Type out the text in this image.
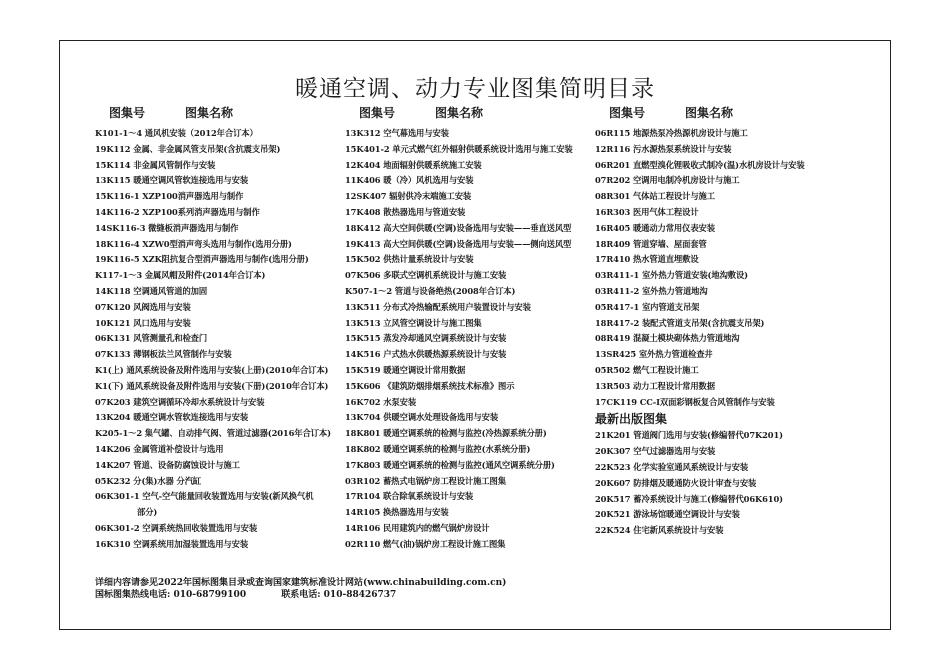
暖通空调、动力专业图集简明目录
图集号	图集名称
K101-1～4 通风机安装（2012年合订本）
19K112 金属、非金属风管支吊架(含抗震支吊架)
15K114 非金属风管制作与安装
13K115 暖通空调风管软连接选用与安装
15K116-1 XZP100消声器选用与制作
14K116-2 XZP100系列消声器选用与制作
14SK116-3 微缝板消声器选用与制作
18K116-4 XZW0型消声弯头选用与制作(选用分册)
19K116-5 XZK阻抗复合型消声器选用与制作(选用分册)
K117-1～3 金属风帽及附件(2014年合订本)
14K118 空调通风管道的加固
07K120 风阀选用与安装
10K121 风口选用与安装
06K131 风管测量孔和检查门
07K133 薄钢板法兰风管制作与安装
K1(上) 通风系统设备及附件选用与安装(上册)(2010年合订本)
K1(下) 通风系统设备及附件选用与安装(下册)(2010年合订本)
07K203 建筑空调循环冷却水系统设计与安装
13K204 暖通空调水管软连接选用与安装
K205-1～2 集气罐、自动排气阀、管道过滤器(2016年合订本)
14K206 金属管道补偿设计与选用
14K207 管道、设备防腐蚀设计与施工
05K232 分(集)水器 分汽缸
06K301-1 空气-空气能量回收装置选用与安装(新风换气机
部分)
06K301-2 空调系统热回收装置选用与安装
16K310 空调系统用加湿装置选用与安装
图集号	图集名称
13K312 空气幕选用与安装
15K401-2 单元式燃气红外辐射供暖系统设计选用与施工安装
12K404 地面辐射供暖系统施工安装
11K406 暖（冷）风机选用与安装
12SK407 辐射供冷末端施工安装
17K408 散热器选用与管道安装
18K412 高大空间供暖(空调)设备选用与安装——垂直送风型
19K413 高大空间供暖(空调)设备选用与安装——侧向送风型
15K502 供热计量系统设计与安装
07K506 多联式空调机系统设计与施工安装
K507-1～2 管道与设备绝热(2008年合订本)
13K511 分布式冷热输配系统用户装置设计与安装
13K513 立风管空调设计与施工图集
15K515 蒸发冷却通风空调系统设计与安装
14K516 户式热水供暖热源系统设计与安装
15K519 暖通空调设计常用数据
15K606 《建筑防烟排烟系统技术标准》图示
16K702 水泵安装
13K704 供暖空调水处理设备选用与安装
18K801 暖通空调系统的检测与监控(冷热源系统分册)
18K802 暖通空调系统的检测与监控(水系统分册)
17K803 暖通空调系统的检测与监控(通风空调系统分册)
03R102 蓄热式电锅炉房工程设计施工图集
17R104 联合除氧系统设计与安装
14R105 换热器选用与安装
14R106 民用建筑内的燃气锅炉房设计
02R110 燃气(油)锅炉房工程设计施工图集
图集号	图集名称
06R115 地源热泵冷热源机房设计与施工
12R116 污水源热泵系统设计与安装
06R201 直燃型溴化锂吸收式制冷(温)水机房设计与安装
07R202 空调用电制冷机房设计与施工
08R301 气体站工程设计与施工
16R303 医用气体工程设计
16R405 暖通动力常用仪表安装
18R409 管道穿墙、屋面套管
17R410 热水管道直埋敷设
03R411-1 室外热力管道安装(地沟敷设)
03R411-2 室外热力管道地沟
05R417-1 室内管道支吊架
18R417-2 装配式管道支吊架(含抗震支吊架)
08R419 混凝土模块砌体热力管道地沟
13SR425 室外热力管道检查井
05R502 燃气工程设计施工
13R503 动力工程设计常用数据
17CK119 CC-I双面彩钢板复合风管制作与安装
最新出版图集
21K201 管道阀门选用与安装(修编替代07K201)
20K307 空气过滤器选用与安装
22K523 化学实验室通风系统设计与安装
20K607 防排烟及暖通防火设计审查与安装
20K517 蓄冷系统设计与施工(修编替代06K610)
20K521 游泳场馆暖通空调设计与安装
22K524 住宅新风系统设计与安装
详细内容请参见2022年国标图集目录或查询国家建筑标准设计网站(www.chinabuilding.com.cn)
国标图集热线电话: 010-68799100	联系电话: 010-88426737
